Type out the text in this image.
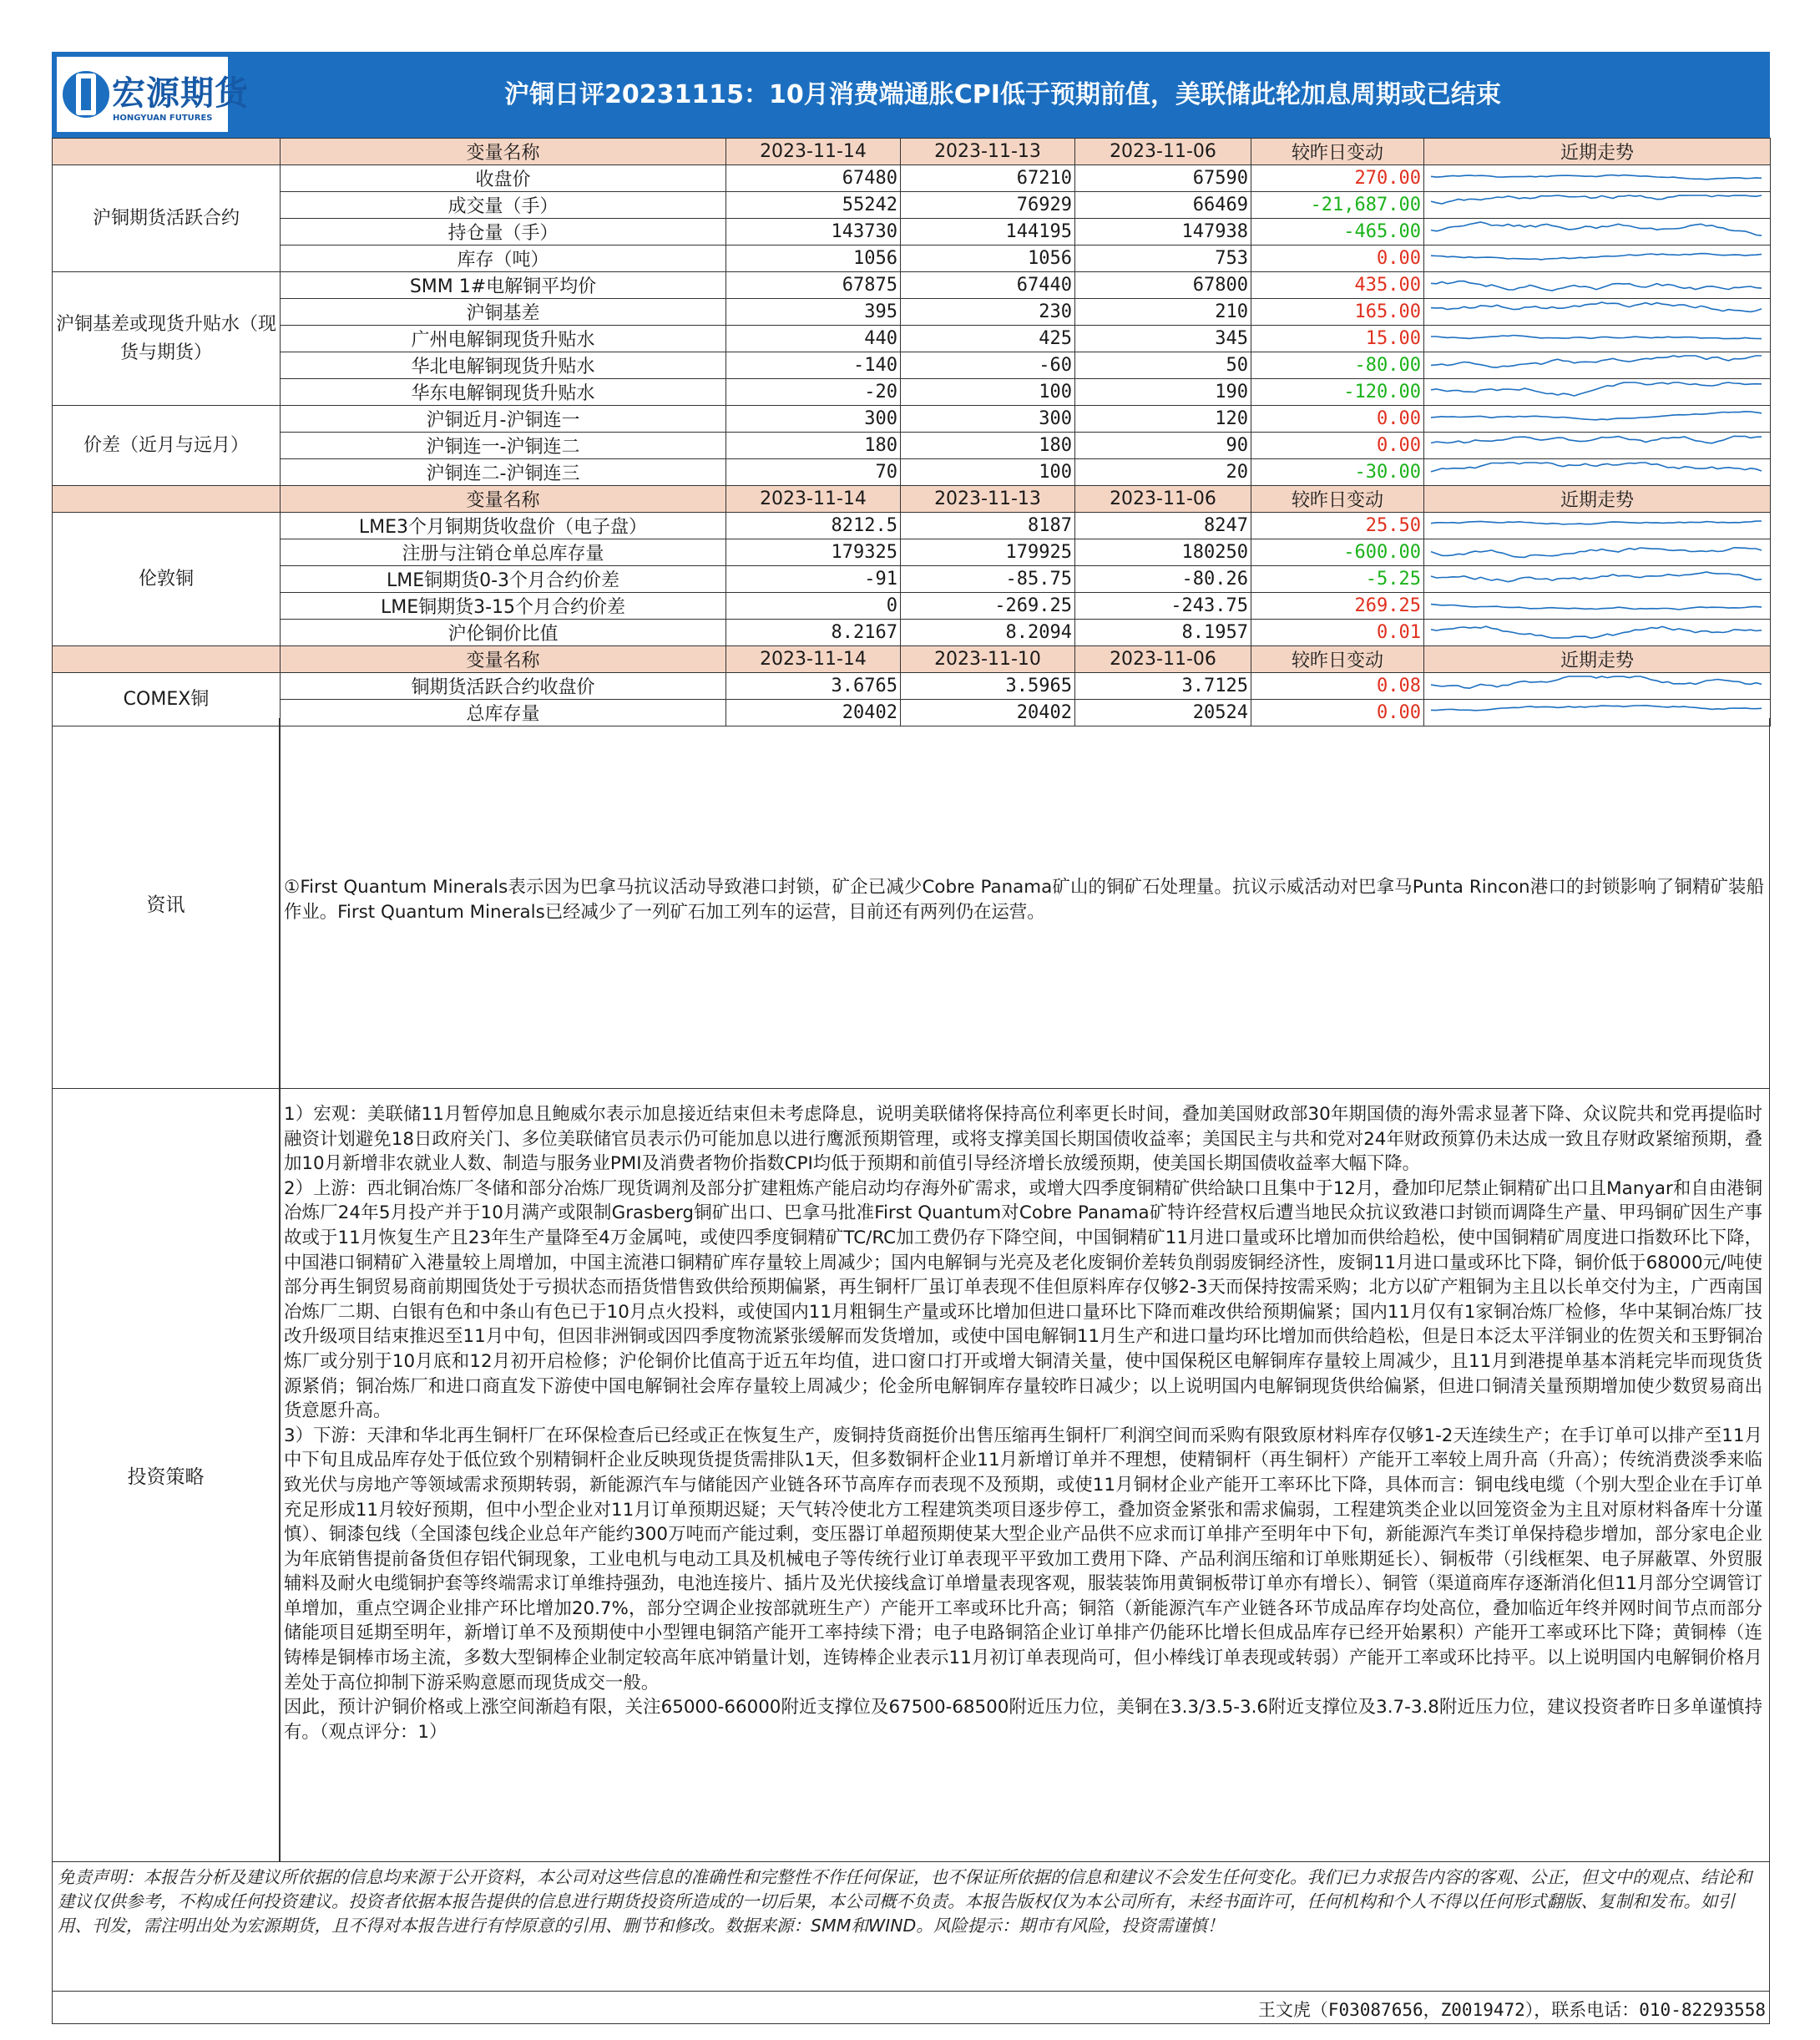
宏源期货
HONGYUAN FUTURES
沪铜日评20231115：10月消费端通胀CPI低于预期前值，美联储此轮加息周期或已结束
	变量名称	2023-11-14	2023-11-13	2023-11-06	较昨日变动	近期走势
沪铜期货活跃合约	收盘价	67480	67210	67590	270.00	
	成交量（手）	55242	76929	66469	-21,687.00	
	持仓量（手）	143730	144195	147938	-465.00	
	库存（吨）	1056	1056	753	0.00	
沪铜基差或现货升贴水（现货与期货）	SMM 1#电解铜平均价	67875	67440	67800	435.00	
	沪铜基差	395	230	210	165.00	
	广州电解铜现货升贴水	440	425	345	15.00	
	华北电解铜现货升贴水	-140	-60	50	-80.00	
	华东电解铜现货升贴水	-20	100	190	-120.00	
价差（近月与远月）	沪铜近月-沪铜连一	300	300	120	0.00	
	沪铜连一-沪铜连二	180	180	90	0.00	
	沪铜连二-沪铜连三	70	100	20	-30.00	
	变量名称	2023-11-14	2023-11-13	2023-11-06	较昨日变动	近期走势
伦敦铜	LME3个月铜期货收盘价（电子盘）	8212.5	8187	8247	25.50	
	注册与注销仓单总库存量	179325	179925	180250	-600.00	
	LME铜期货0-3个月合约价差	-91	-85.75	-80.26	-5.25	
	LME铜期货3-15个月合约价差	0	-269.25	-243.75	269.25	
	沪伦铜价比值	8.2167	8.2094	8.1957	0.01	
	变量名称	2023-11-14	2023-11-10	2023-11-06	较昨日变动	近期走势
COMEX铜	铜期货活跃合约收盘价	3.6765	3.5965	3.7125	0.08	
	总库存量	20402	20402	20524	0.00	
资讯
①First Quantum Minerals表示因为巴拿马抗议活动导致港口封锁，矿企已减少Cobre Panama矿山的铜矿石处理量。抗议示威活动对巴拿马Punta Rincon港口的封锁影响了铜精矿装船作业。First Quantum Minerals已经减少了一列矿石加工列车的运营，目前还有两列仍在运营。
投资策略

1）宏观：美联储11月暂停加息且鲍威尔表示加息接近结束但未考虑降息，说明美联储将保持高位利率更长时间，叠加美国财政部30年期国债的海外需求显著下降、众议院共和党再提临时融资计划避免18日政府关门、多位美联储官员表示仍可能加息以进行鹰派预期管理，或将支撑美国长期国债收益率；美国民主与共和党对24年财政预算仍未达成一致且存财政紧缩预期，叠加10月新增非农就业人数、制造与服务业PMI及消费者物价指数CPI均低于预期和前值引导经济增长放缓预期，使美国长期国债收益率大幅下降。

2）上游：西北铜冶炼厂冬储和部分冶炼厂现货调剂及部分扩建粗炼产能启动均存海外矿需求，或增大四季度铜精矿供给缺口且集中于12月，叠加印尼禁止铜精矿出口且Manyar和自由港铜冶炼厂24年5月投产并于10月满产或限制Grasberg铜矿出口、巴拿马批准First Quantum对Cobre Panama矿特许经营权后遭当地民众抗议致港口封锁而调降生产量、甲玛铜矿因生产事故或于11月恢复生产且23年生产量降至4万金属吨，或使四季度铜精矿TC/RC加工费仍存下降空间，中国铜精矿11月进口量或环比增加而供给趋松，使中国铜精矿周度进口指数环比下降，中国港口铜精矿入港量较上周增加，中国主流港口铜精矿库存量较上周减少；国内电解铜与光亮及老化废铜价差转负削弱废铜经济性，废铜11月进口量或环比下降，铜价低于68000元/吨使部分再生铜贸易商前期囤货处于亏损状态而捂货惜售致供给预期偏紧，再生铜杆厂虽订单表现不佳但原料库存仅够2-3天而保持按需采购；北方以矿产粗铜为主且以长单交付为主，广西南国冶炼厂二期、白银有色和中条山有色已于10月点火投料，或使国内11月粗铜生产量或环比增加但进口量环比下降而难改供给预期偏紧；国内11月仅有1家铜冶炼厂检修，华中某铜冶炼厂技改升级项目结束推迟至11月中旬，但因非洲铜或因四季度物流紧张缓解而发货增加，或使中国电解铜11月生产和进口量均环比增加而供给趋松，但是日本泛太平洋铜业的佐贺关和玉野铜冶炼厂或分别于10月底和12月初开启检修；沪伦铜价比值高于近五年均值，进口窗口打开或增大铜清关量，使中国保税区电解铜库存量较上周减少，且11月到港提单基本消耗完毕而现货货源紧俏；铜冶炼厂和进口商直发下游使中国电解铜社会库存量较上周减少；伦金所电解铜库存量较昨日减少；以上说明国内电解铜现货供给偏紧，但进口铜清关量预期增加使少数贸易商出货意愿升高。

3）下游：天津和华北再生铜杆厂在环保检查后已经或正在恢复生产，废铜持货商挺价出售压缩再生铜杆厂利润空间而采购有限致原材料库存仅够1-2天连续生产；在手订单可以排产至11月中下旬且成品库存处于低位致个别精铜杆企业反映现货提货需排队1天，但多数铜杆企业11月新增订单并不理想，使精铜杆（再生铜杆）产能开工率较上周升高（升高）；传统消费淡季来临致光伏与房地产等领域需求预期转弱，新能源汽车与储能因产业链各环节高库存而表现不及预期，或使11月铜材企业产能开工率环比下降，具体而言：铜电线电缆（个别大型企业在手订单充足形成11月较好预期，但中小型企业对11月订单预期迟疑；天气转冷使北方工程建筑类项目逐步停工，叠加资金紧张和需求偏弱，工程建筑类企业以回笼资金为主且对原材料备库十分谨慎）、铜漆包线（全国漆包线企业总年产能约300万吨而产能过剩，变压器订单超预期使某大型企业产品供不应求而订单排产至明年中下旬，新能源汽车类订单保持稳步增加，部分家电企业为年底销售提前备货但存铝代铜现象，工业电机与电动工具及机械电子等传统行业订单表现平平致加工费用下降、产品利润压缩和订单账期延长）、铜板带（引线框架、电子屏蔽罩、外贸服辅料及耐火电缆铜护套等终端需求订单维持强劲，电池连接片、插片及光伏接线盒订单增量表现客观，服装装饰用黄铜板带订单亦有增长）、铜管（渠道商库存逐渐消化但11月部分空调管订单增加，重点空调企业排产环比增加20.7%，部分空调企业按部就班生产）产能开工率或环比升高；铜箔（新能源汽车产业链各环节成品库存均处高位，叠加临近年终并网时间节点而部分储能项目延期至明年，新增订单不及预期使中小型锂电铜箔产能开工率持续下滑；电子电路铜箔企业订单排产仍能环比增长但成品库存已经开始累积）产能开工率或环比下降；黄铜棒（连铸棒是铜棒市场主流，多数大型铜棒企业制定较高年底冲销量计划，连铸棒企业表示11月初订单表现尚可，但小棒线订单表现或转弱）产能开工率或环比持平。以上说明国内电解铜价格月差处于高位抑制下游采购意愿而现货成交一般。

因此，预计沪铜价格或上涨空间渐趋有限，关注65000-66000附近支撑位及67500-68500附近压力位，美铜在3.3/3.5-3.6附近支撑位及3.7-3.8附近压力位，建议投资者昨日多单谨慎持有。（观点评分：1）

免责声明：本报告分析及建议所依据的信息均来源于公开资料，本公司对这些信息的准确性和完整性不作任何保证，也不保证所依据的信息和建议不会发生任何变化。我们已力求报告内容的客观、公正，但文中的观点、结论和建议仅供参考，不构成任何投资建议。投资者依据本报告提供的信息进行期货投资所造成的一切后果，本公司概不负责。本报告版权仅为本公司所有，未经书面许可，任何机构和个人不得以任何形式翻版、复制和发布。如引用、刊发，需注明出处为宏源期货，且不得对本报告进行有悖原意的引用、删节和修改。数据来源：SMM和WIND。风险提示：期市有风险，投资需谨慎！
王文虎（F03087656，Z0019472），联系电话：010-82293558
